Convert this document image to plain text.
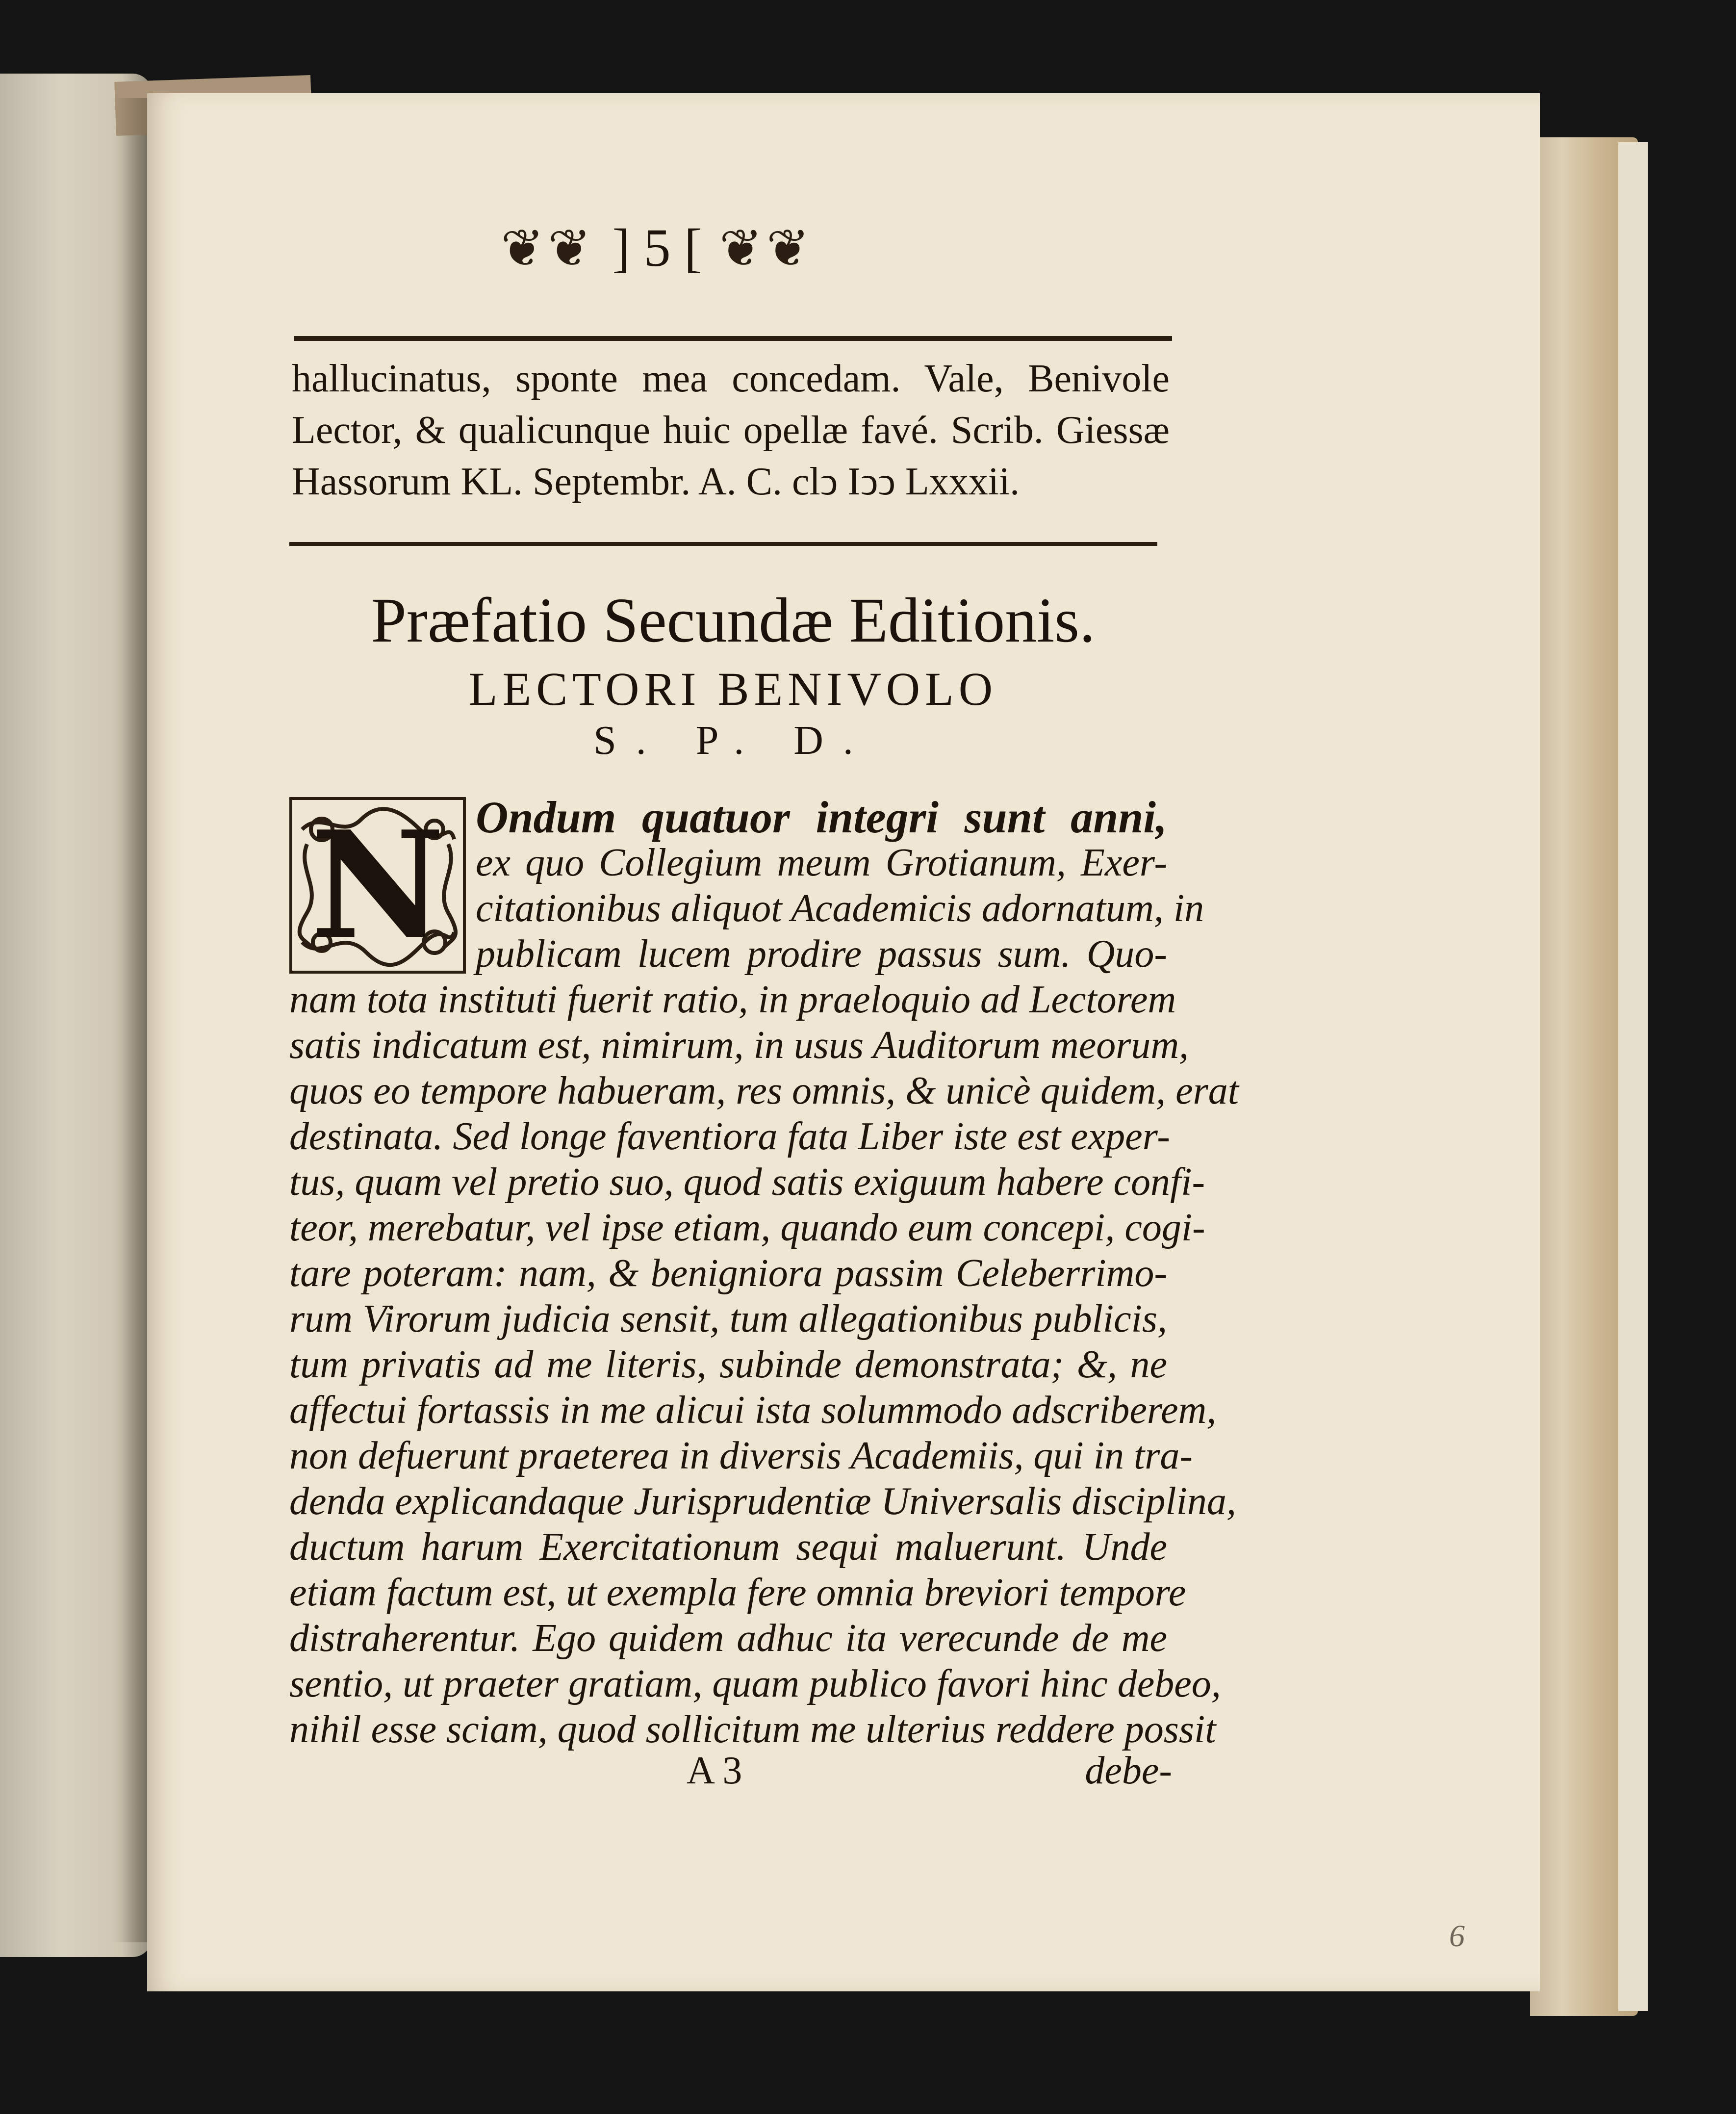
❦❦ ] 5 [ ❦❦
hallucinatus, sponte mea concedam. Vale, Benivole
Lector, & qualicunque huic opellæ favé. Scrib. Giessæ
Hassorum KL. Septembr. A. C. clↄ Iↄↄ Lxxxii.
Præfatio Secundæ Editionis.
LECTORI BENIVOLO
S. P. D.
Ondum quatuor integri sunt anni,
ex quo Collegium meum Grotianum, Exer-
citationibus aliquot Academicis adornatum, in
publicam lucem prodire passus sum. Quo-
nam tota instituti fuerit ratio, in praeloquio ad Lectorem
satis indicatum est, nimirum, in usus Auditorum meorum,
quos eo tempore habueram, res omnis, & unicè quidem, erat
destinata. Sed longe faventiora fata Liber iste est exper-
tus, quam vel pretio suo, quod satis exiguum habere confi-
teor, merebatur, vel ipse etiam, quando eum concepi, cogi-
tare poteram: nam, & benigniora passim Celeberrimo-
rum Virorum judicia sensit, tum allegationibus publicis,
tum privatis ad me literis, subinde demonstrata; &, ne
affectui fortassis in me alicui ista solummodo adscriberem,
non defuerunt praeterea in diversis Academiis, qui in tra-
denda explicandaque Jurisprudentiæ Universalis disciplina,
ductum harum Exercitationum sequi maluerunt. Unde
etiam factum est, ut exempla fere omnia breviori tempore
distraherentur. Ego quidem adhuc ita verecunde de me
sentio, ut praeter gratiam, quam publico favori hinc debeo,
nihil esse sciam, quod sollicitum me ulterius reddere possit
N
A 3	debe-
6
